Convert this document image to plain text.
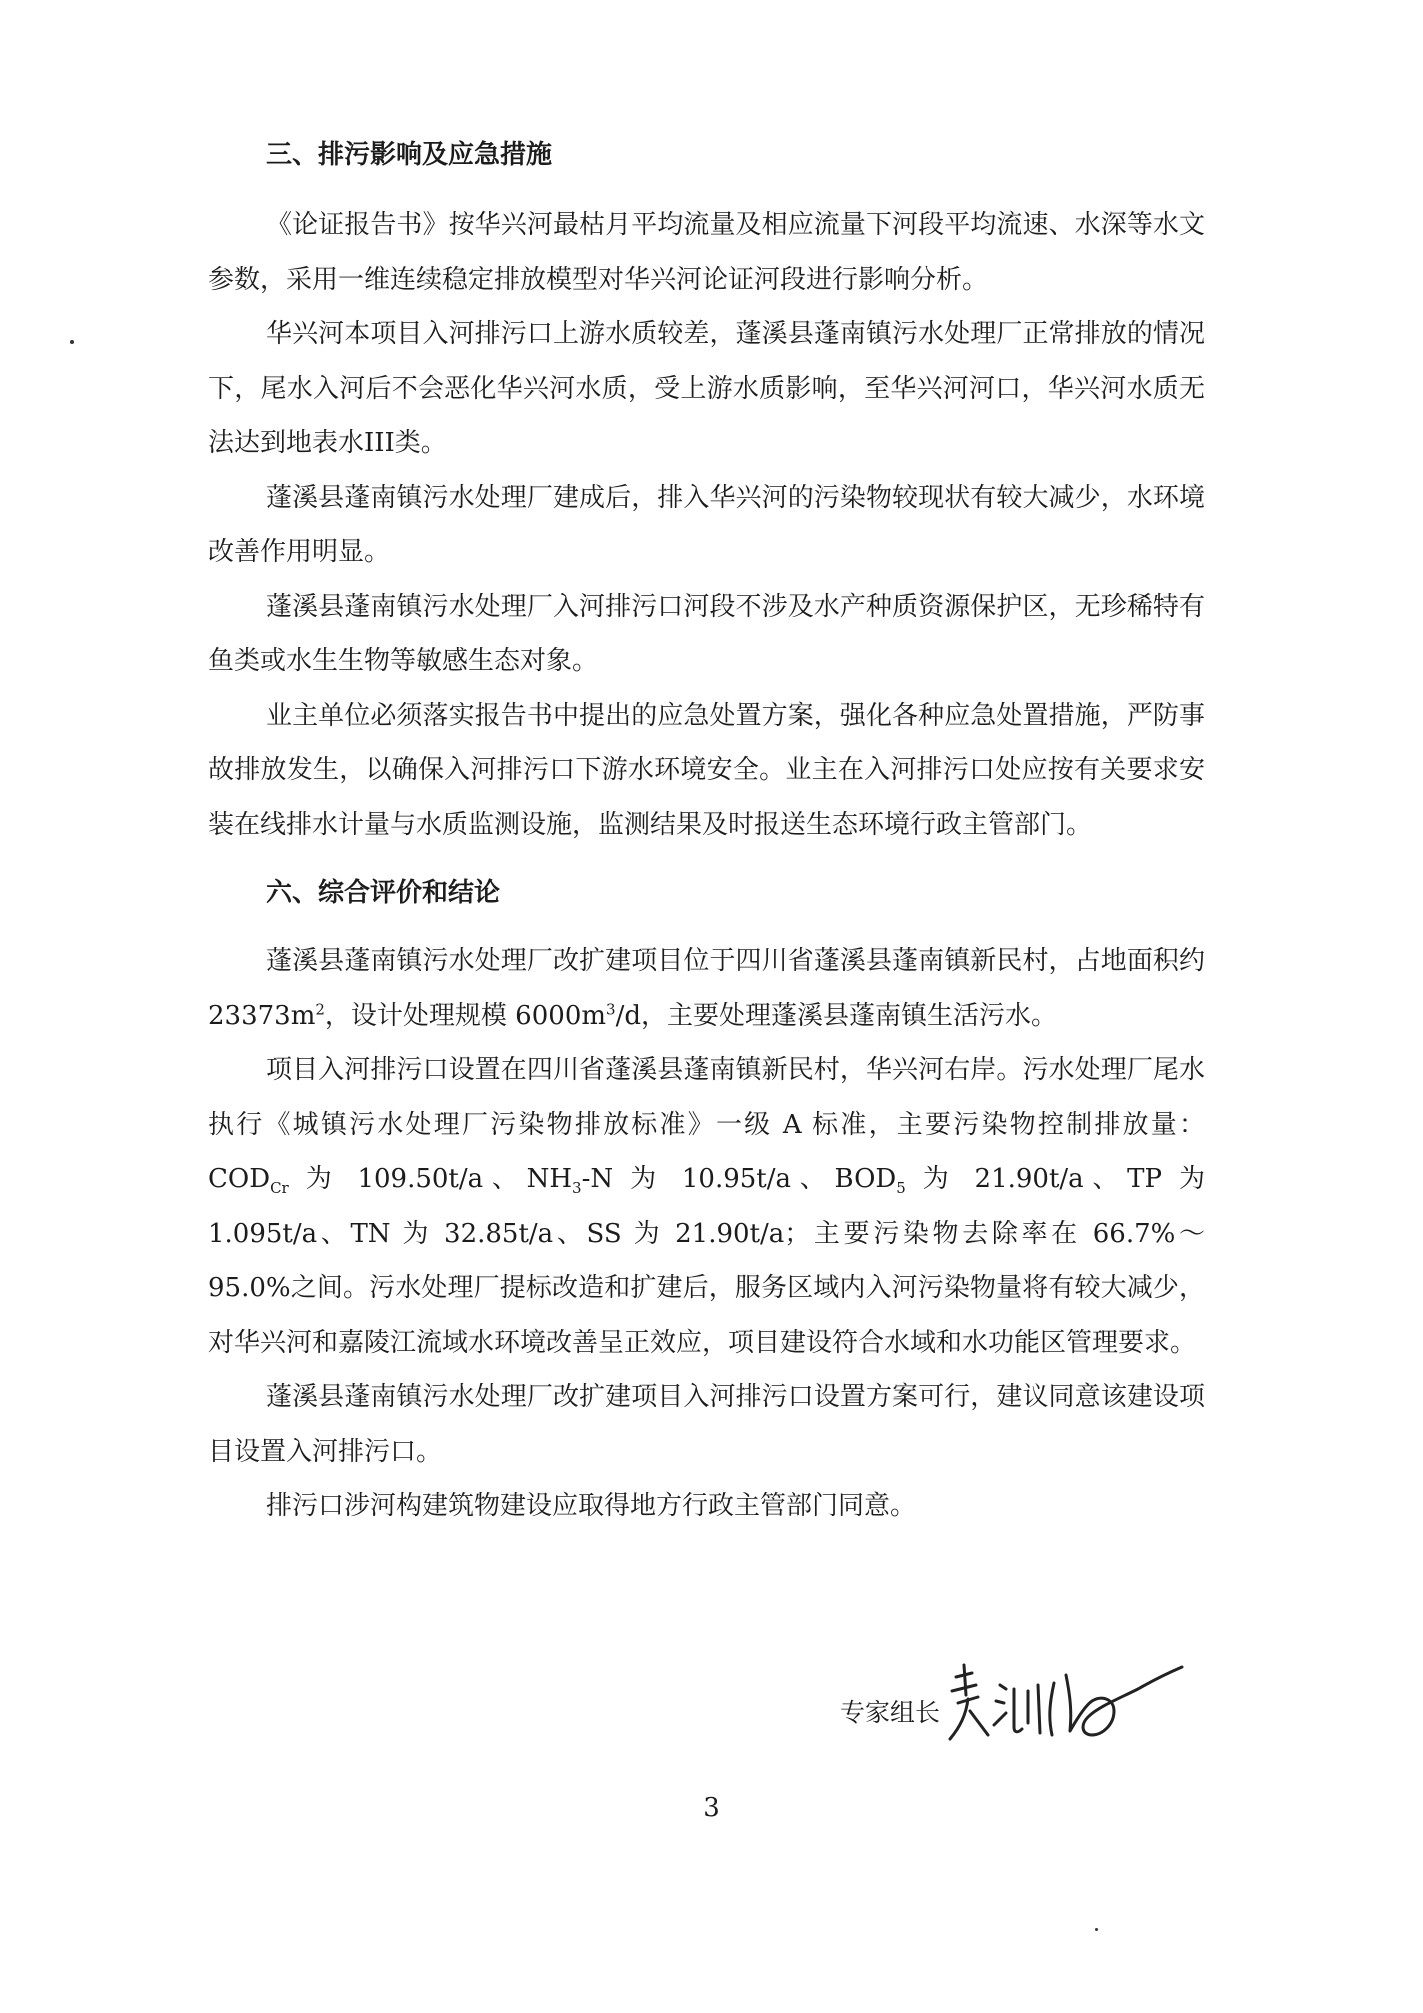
三、排污影响及应急措施

《论证报告书》按华兴河最枯月平均流量及相应流量下河段平均流速、水深等水文参数，采用一维连续稳定排放模型对华兴河论证河段进行影响分析。

华兴河本项目入河排污口上游水质较差，蓬溪县蓬南镇污水处理厂正常排放的情况下，尾水入河后不会恶化华兴河水质，受上游水质影响，至华兴河河口，华兴河水质无法达到地表水III类。

蓬溪县蓬南镇污水处理厂建成后，排入华兴河的污染物较现状有较大减少，水环境改善作用明显。

蓬溪县蓬南镇污水处理厂入河排污口河段不涉及水产种质资源保护区，无珍稀特有鱼类或水生生物等敏感生态对象。

业主单位必须落实报告书中提出的应急处置方案，强化各种应急处置措施，严防事故排放发生，以确保入河排污口下游水环境安全。业主在入河排污口处应按有关要求安装在线排水计量与水质监测设施，监测结果及时报送生态环境行政主管部门。

六、综合评价和结论

蓬溪县蓬南镇污水处理厂改扩建项目位于四川省蓬溪县蓬南镇新民村，占地面积约 $23373m^2$，设计处理规模 $6000m^3/d$，主要处理蓬溪县蓬南镇生活污水。

项目入河排污口设置在四川省蓬溪县蓬南镇新民村，华兴河右岸。污水处理厂尾水执行《城镇污水处理厂污染物排放标准》一级 A 标准，主要污染物控制排放量：$COD_{Cr}$ 为 109.50t/a、$NH_3-N$ 为 10.95t/a、$BOD_5$ 为 21.90t/a、TP 为 1.095t/a、TN 为 32.85t/a、SS 为 21.90t/a；主要污染物去除率在 66.7%～95.0%之间。污水处理厂提标改造和扩建后，服务区域内入河污染物量将有较大减少，对华兴河和嘉陵江流域水环境改善呈正效应，项目建设符合水域和水功能区管理要求。

蓬溪县蓬南镇污水处理厂改扩建项目入河排污口设置方案可行，建议同意该建设项目设置入河排污口。

排污口涉河构建筑物建设应取得地方行政主管部门同意。

专家组长
3
